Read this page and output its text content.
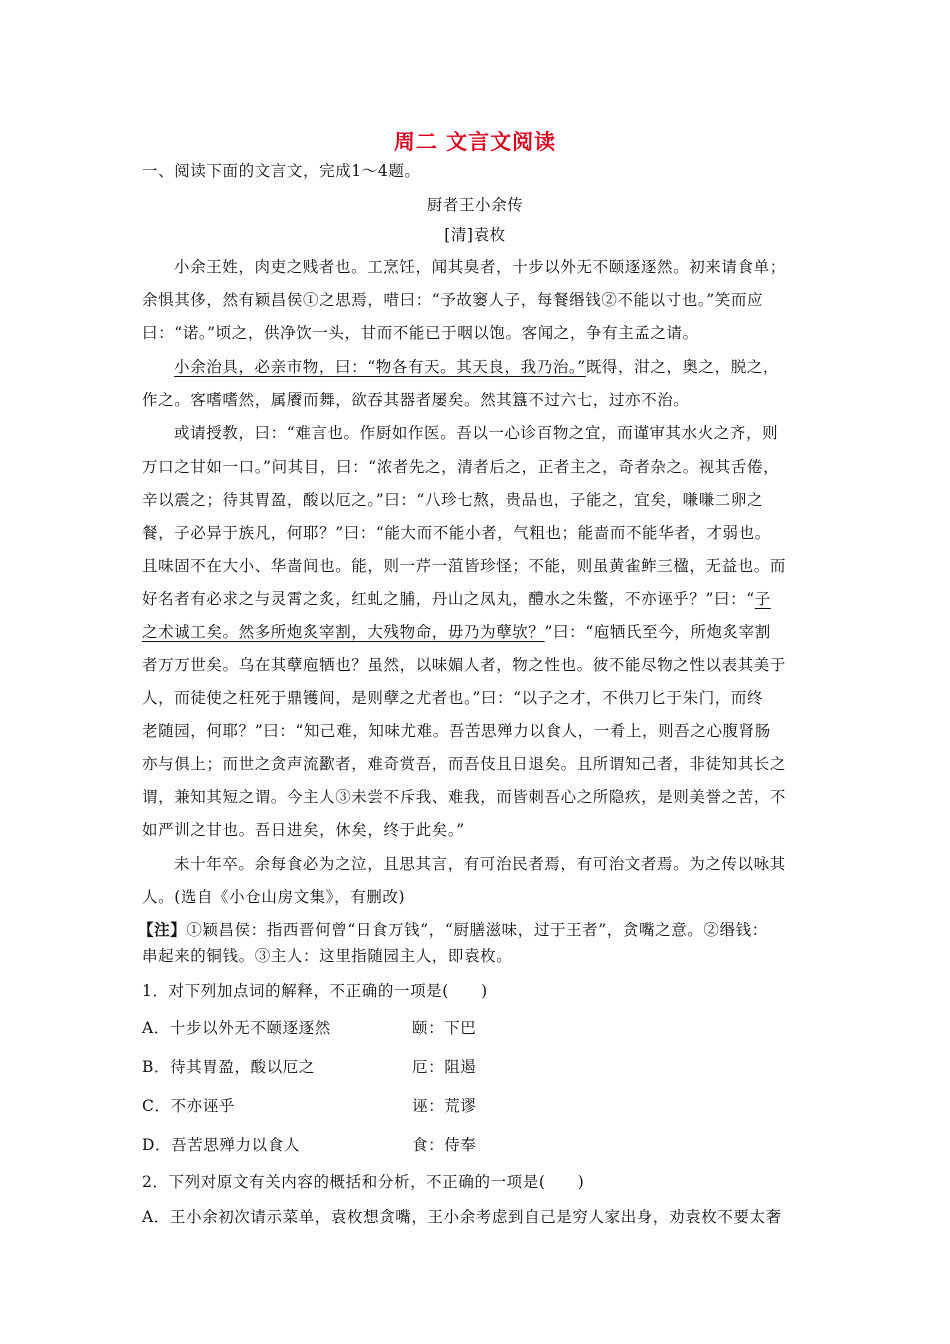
周二 文言文阅读
一、阅读下面的文言文，完成1～4题。
厨者王小余传
[清]袁枚
小余王姓，肉吏之贱者也。工烹饪，闻其臭者，十步以外无不颐逐逐然。初来请食单；
余惧其侈，然有颖昌侯①之思焉，唶曰：“予故窭人子，每餐缗钱②不能以寸也。”笑而应
曰：“诺。”顷之，供净饮一头，甘而不能已于咽以饱。客闻之，争有主孟之请。
小余治具，必亲市物，曰：“物各有天。其天良，我乃治。”既得，泔之，奥之，脱之，
作之。客嗜嗜然，属餍而舞，欲吞其器者屡矣。然其簋不过六七，过亦不治。
或请授教，曰：“难言也。作厨如作医。吾以一心诊百物之宜，而谨审其水火之齐，则
万口之甘如一口。”问其目，曰：“浓者先之，清者后之，正者主之，奇者杂之。视其舌倦，
辛以震之；待其胃盈，酸以厄之。”曰：“八珍七熬，贵品也，子能之，宜矣，嗛嗛二卵之
餐，子必异于族凡，何耶？”曰：“能大而不能小者，气粗也；能啬而不能华者，才弱也。
且味固不在大小、华啬间也。能，则一芹一菹皆珍怪；不能，则虽黄雀鲊三楹，无益也。而
好名者有必求之与灵霄之炙，红虬之脯，丹山之凤丸，醴水之朱鳖，不亦诬乎？”曰：“子
之术诚工矣。然多所炮炙宰割，大残物命，毋乃为孽欤？”曰：“庖牺氏至今，所炮炙宰割
者万万世矣。乌在其孽庖牺也？虽然，以味媚人者，物之性也。彼不能尽物之性以表其美于
人，而徒使之枉死于鼎镬间，是则孽之尤者也。”曰：“以子之才，不供刀匕于朱门，而终
老随园，何耶？”曰：“知己难，知味尤难。吾苦思殚力以食人，一肴上，则吾之心腹肾肠
亦与俱上；而世之贪声流歠者，难奇赏吾，而吾伎且日退矣。且所谓知己者，非徒知其长之
谓，兼知其短之谓。今主人③未尝不斥我、难我，而皆刺吾心之所隐疚，是则美誉之苦，不
如严训之甘也。吾日进矣，休矣，终于此矣。”
未十年卒。余每食必为之泣，且思其言，有可治民者焉，有可治文者焉。为之传以咏其
人。(选自《小仓山房文集》，有删改)
【注】①颖昌侯：指西晋何曾“日食万钱”，“厨膳滋味，过于王者”，贪嘴之意。②缗钱：
串起来的铜钱。③主人：这里指随园主人，即袁枚。
1．对下列加点词的解释，不正确的一项是(　　)
A．十步以外无不颐逐逐然	颐：下巴
B．待其胃盈，酸以厄之	厄：阻遏
C．不亦诬乎	诬：荒谬
D．吾苦思殚力以食人	食：侍奉
2．下列对原文有关内容的概括和分析，不正确的一项是(　　)
A．王小余初次请示菜单，袁枚想贪嘴，王小余考虑到自己是穷人家出身，劝袁枚不要太奢
